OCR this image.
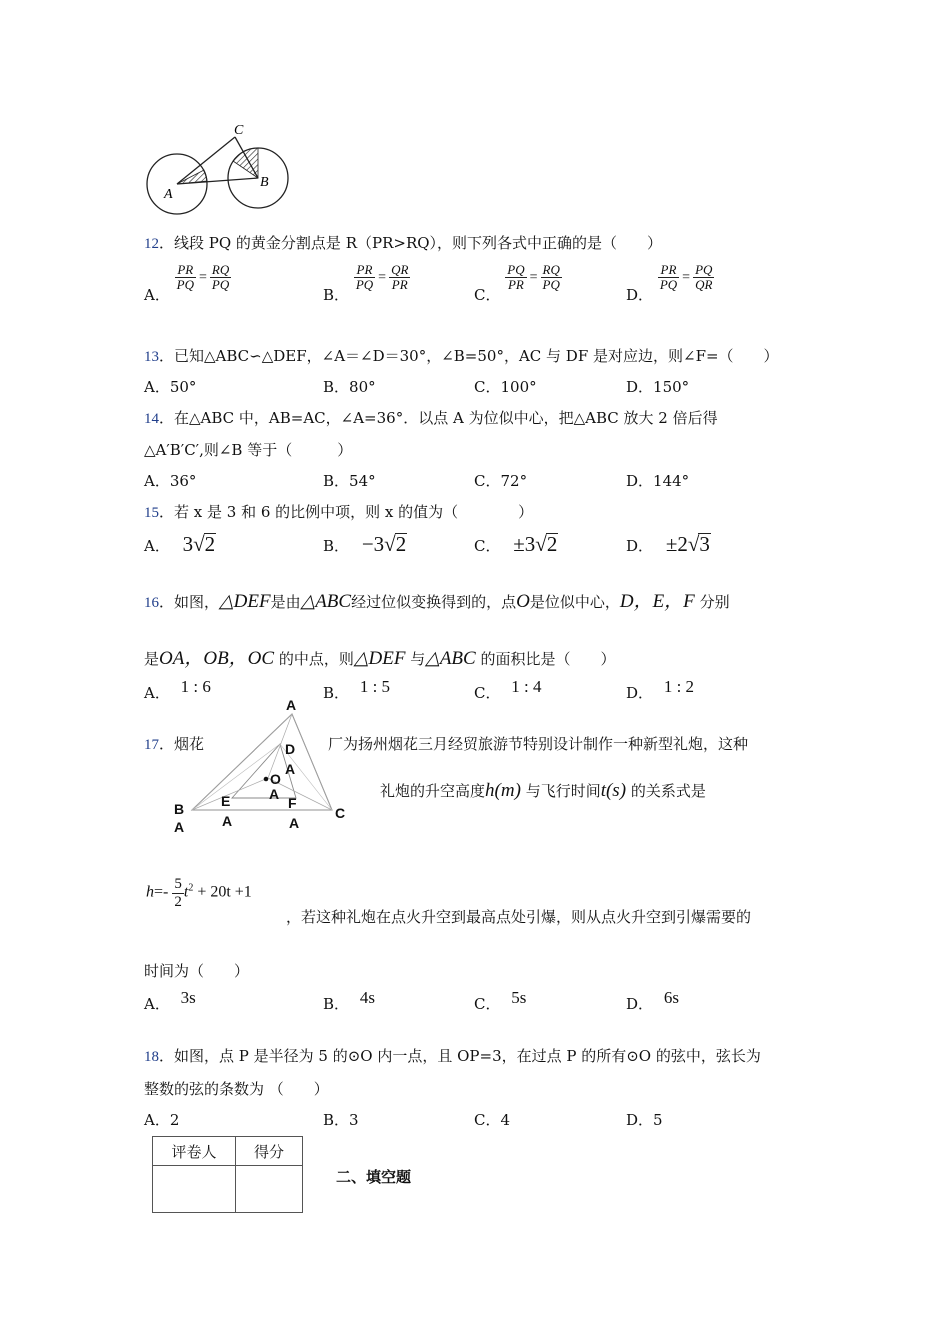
C
A
B
12．线段 PQ 的黄金分割点是 R（PR>RQ），则下列各式中正确的是（　　）
A．
$\frac{PR}{PQ} = \frac{RQ}{PQ}$
B．
$\frac{PR}{PQ} = \frac{QR}{PR}$
C．
$\frac{PQ}{PR} = \frac{RQ}{PQ}$
D．
$\frac{PR}{PQ} = \frac{PQ}{QR}$
13．已知△ABC∽△DEF，∠A＝∠D＝30°，∠B=50°，AC 与 DF 是对应边，则∠F=（　　）
A．50°	B．80°	C．100°	D．150°
14．在△ABC 中，AB=AC，∠A=36°．以点 A 为位似中心，把△ABC 放大 2 倍后得
△A′B′C′,则∠B 等于（　　　）
A．36°	B．54°	C．72°	D．144°
15．若 x 是 3 和 6 的比例中项，则 x 的值为（　　　　）
A． 3√2	B． −3√2	C． ±3√2	D． ±2√3
16．如图，△DEF是由△ABC经过位似变换得到的，点O是位似中心，D，E，F 分别
是OA，OB，OC 的中点，则△DEF 与△ABC 的面积比是（　　）
A． 1 : 6	B． 1 : 5	C． 1 : 4	D． 1 : 2
A
D
A
O
A
B
A
E
A
F
A
C
17．烟花	厂为扬州烟花三月经贸旅游节特别设计制作一种新型礼炮，这种
礼炮的升空高度h(m) 与飞行时间t(s) 的关系式是
$h=- \frac{5}{2} t^2 + 20t +1$
，若这种礼炮在点火升空到最高点处引爆，则从点火升空到引爆需要的
时间为（　　）
A． 3s	B． 4s	C． 5s	D． 6s
18．如图，点 P 是半径为 5 的⊙O 内一点，且 OP=3，在过点 P 的所有⊙O 的弦中，弦长为
整数的弦的条数为 （　　）
A．2	B．3	C．4	D．5
评卷人	得分

二、填空题
